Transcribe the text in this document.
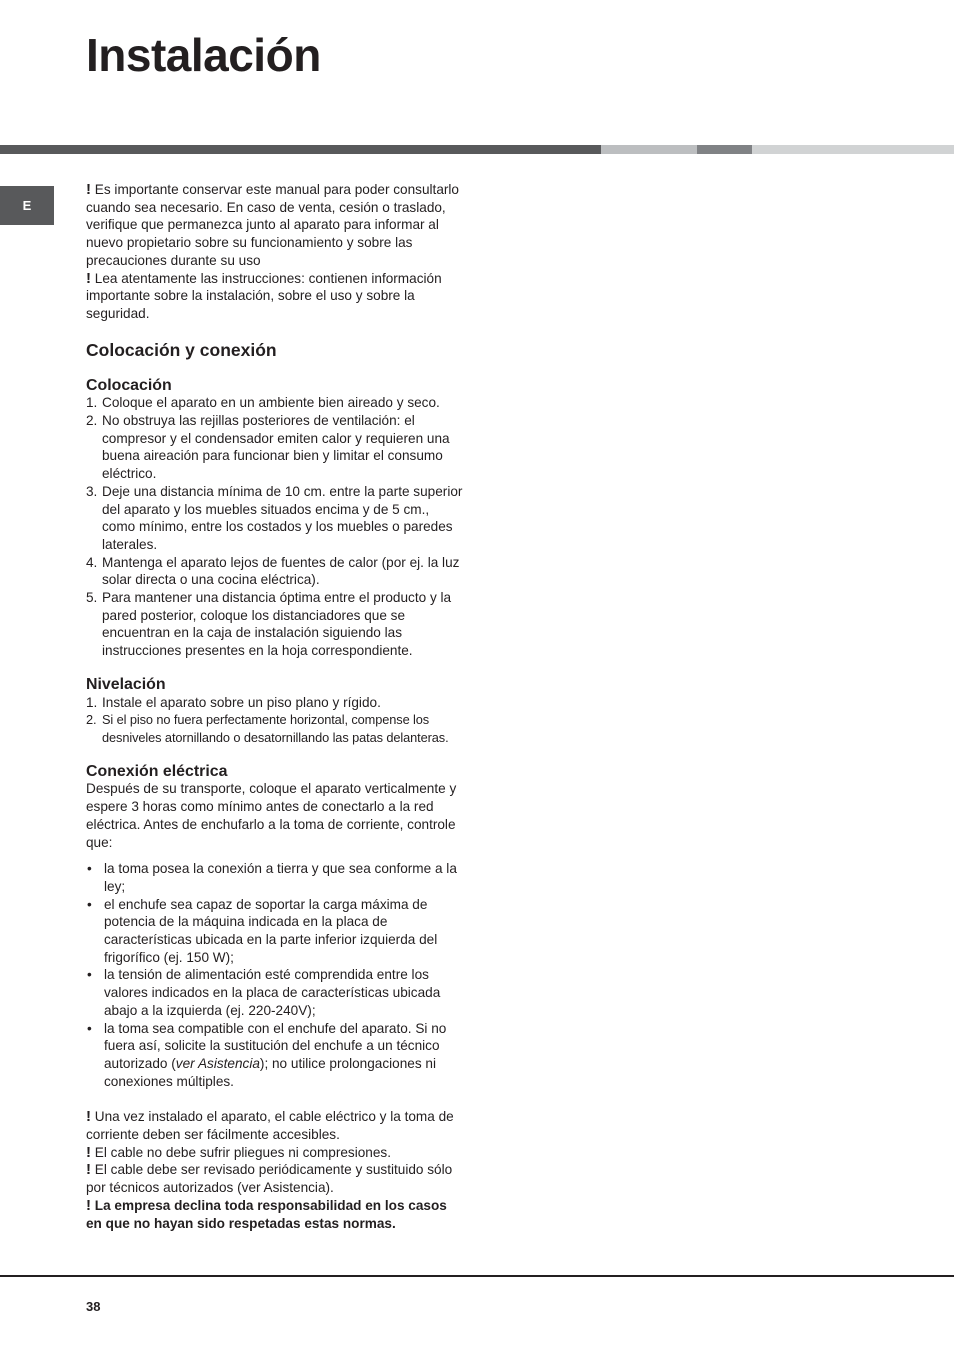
Instalación
E

! Es importante conservar este manual para poder consultarlo cuando sea necesario. En caso de venta, cesión o traslado, verifique que permanezca junto al aparato para informar al nuevo propietario sobre su funcionamiento y sobre las precauciones durante su uso

! Lea atentamente las instrucciones: contienen información importante sobre la instalación, sobre el uso y sobre la seguridad.

Colocación y conexión
Colocación
1. Coloque el aparato en un ambiente bien aireado y seco.
2. No obstruya las rejillas posteriores de ventilación: el compresor y el condensador emiten calor y requieren una buena aireación para funcionar bien y limitar el consumo eléctrico.
3. Deje una distancia mínima de 10 cm. entre la parte superior del aparato y los muebles situados encima y de 5 cm., como mínimo, entre los costados y los muebles o paredes laterales.
4. Mantenga el aparato lejos de fuentes de calor (por ej. la luz solar directa o una cocina eléctrica).
5. Para mantener una distancia óptima entre el producto y la pared posterior, coloque los distanciadores que se encuentran en la caja de instalación siguiendo las instrucciones presentes en la hoja correspondiente.
Nivelación
1. Instale el aparato sobre un piso plano y rígido.
2. Si el piso no fuera perfectamente horizontal, compense los desniveles atornillando o desatornillando las patas delanteras.
Conexión eléctrica

Después de su transporte, coloque el aparato verticalmente y espere 3 horas como mínimo antes de conectarlo a la red eléctrica. Antes de enchufarlo a la toma de corriente, controle que:

• la toma posea la conexión a tierra y que sea conforme a la ley;
• el enchufe sea capaz de soportar la carga máxima de potencia de la máquina indicada en la placa de características ubicada en la parte inferior izquierda del frigorífico (ej. 150 W);
• la tensión de alimentación esté comprendida entre los valores indicados en la placa de características ubicada abajo a la izquierda (ej. 220-240V);
• la toma sea compatible con el enchufe del aparato. Si no fuera así, solicite la sustitución del enchufe a un técnico autorizado (ver Asistencia); no utilice prolongaciones ni conexiones múltiples.

! Una vez instalado el aparato, el cable eléctrico y la toma de corriente deben ser fácilmente accesibles.

! El cable no debe sufrir pliegues ni compresiones.

! El cable debe ser revisado periódicamente y sustituido sólo por técnicos autorizados (ver Asistencia).

! La empresa declina toda responsabilidad en los casos en que no hayan sido respetadas estas normas.

38
